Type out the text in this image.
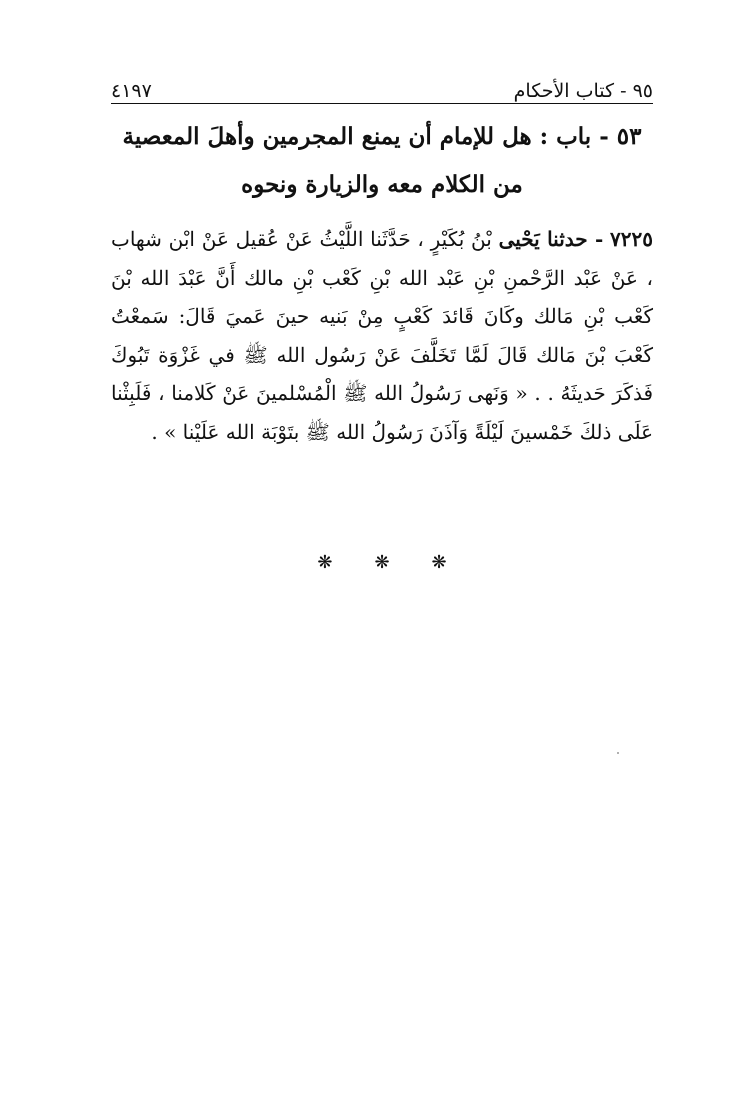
٩٥ - كتاب الأحكام
٤١٩٧
٥٣ - باب : هل للإمام أن يمنع المجرمين وأهلَ المعصية
من الكلام معه والزيارة ونحوه

٧٢٢٥ - حدثنا يَحْيى بْنُ بُكَيْرٍ ، حَدَّثَنا اللَّيْثُ عَنْ عُقيل عَنْ ابْن شهاب ، عَنْ عَبْد الرَّحْمنِ بْنِ عَبْد الله بْنِ كَعْب بْنِ مالك أَنَّ عَبْدَ الله بْنَ كَعْب بْنِ مَالك وكَانَ قَائدَ كَعْبٍ مِنْ بَنيه حينَ عَميَ قَالَ: سَمعْتُ كَعْبَ بْنَ مَالك قَالَ لَمَّا تَخَلَّفَ عَنْ رَسُول الله ﷺ في غَزْوَة تَبُوكَ فَذكَرَ حَديثَهُ . . « وَنَهى رَسُولُ الله ﷺ الْمُسْلمينَ عَنْ كَلامنا ، فَلَبِثْنا عَلَى ذلكَ خَمْسينَ لَيْلَةً وَآذَنَ رَسُولُ الله ﷺ بتَوْبَة الله عَلَيْنا » .

❋
❋
❋
